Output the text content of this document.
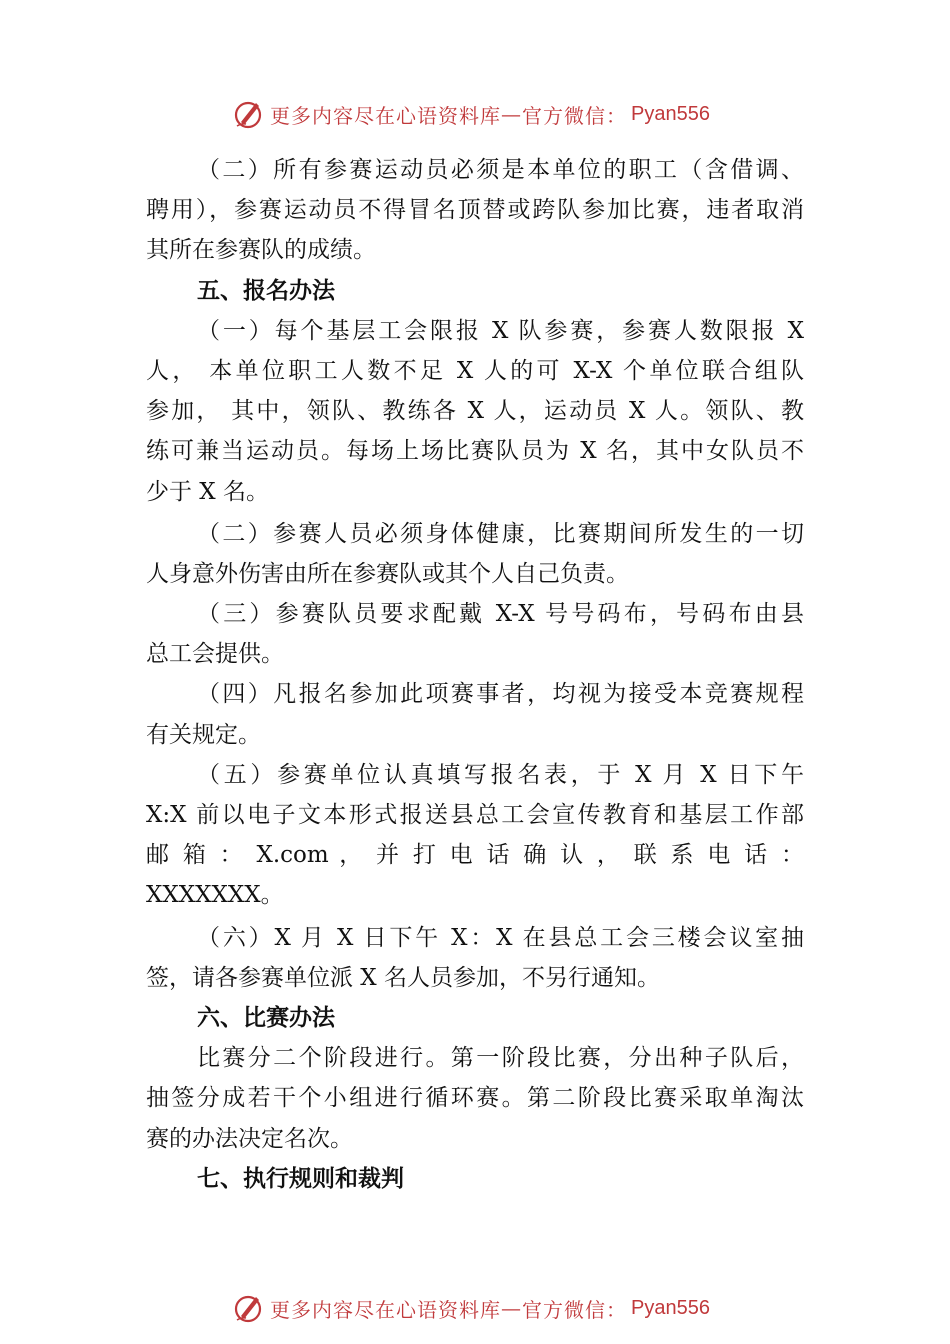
更多内容尽在心语资料库 — 官方微信： Pyan556
（二）所有参赛运动员必须是本单位的职工（含借调、
聘用），参赛运动员不得冒名顶替或跨队参加比赛，违者取消
其所在参赛队的成绩。
五、报名办法
（一）每个基层工会限报 X 队参赛，参赛人数限报 X
人， 本单位职工人数不足 X 人的可 X-X 个单位联合组队
参加， 其中，领队、教练各 X 人，运动员 X 人。领队、教
练可兼当运动员。每场上场比赛队员为 X 名，其中女队员不
少于 X 名。
（二）参赛人员必须身体健康，比赛期间所发生的一切
人身意外伤害由所在参赛队或其个人自己负责。
（三）参赛队员要求配戴 X-X 号号码布，号码布由县
总工会提供。
（四）凡报名参加此项赛事者，均视为接受本竞赛规程
有关规定。
（五）参赛单位认真填写报名表，于 X 月 X 日下午
X:X 前以电子文本形式报送县总工会宣传教育和基层工作部
邮 箱 ： X.com ， 并 打 电 话 确 认 ， 联 系 电 话 ：
XXXXXXX。
（六）X 月 X 日下午 X：X 在县总工会三楼会议室抽
签，请各参赛单位派 X 名人员参加，不另行通知。
六、比赛办法
比赛分二个阶段进行。第一阶段比赛，分出种子队后，
抽签分成若干个小组进行循环赛。第二阶段比赛采取单淘汰
赛的办法决定名次。
七、执行规则和裁判
更多内容尽在心语资料库 — 官方微信： Pyan556
